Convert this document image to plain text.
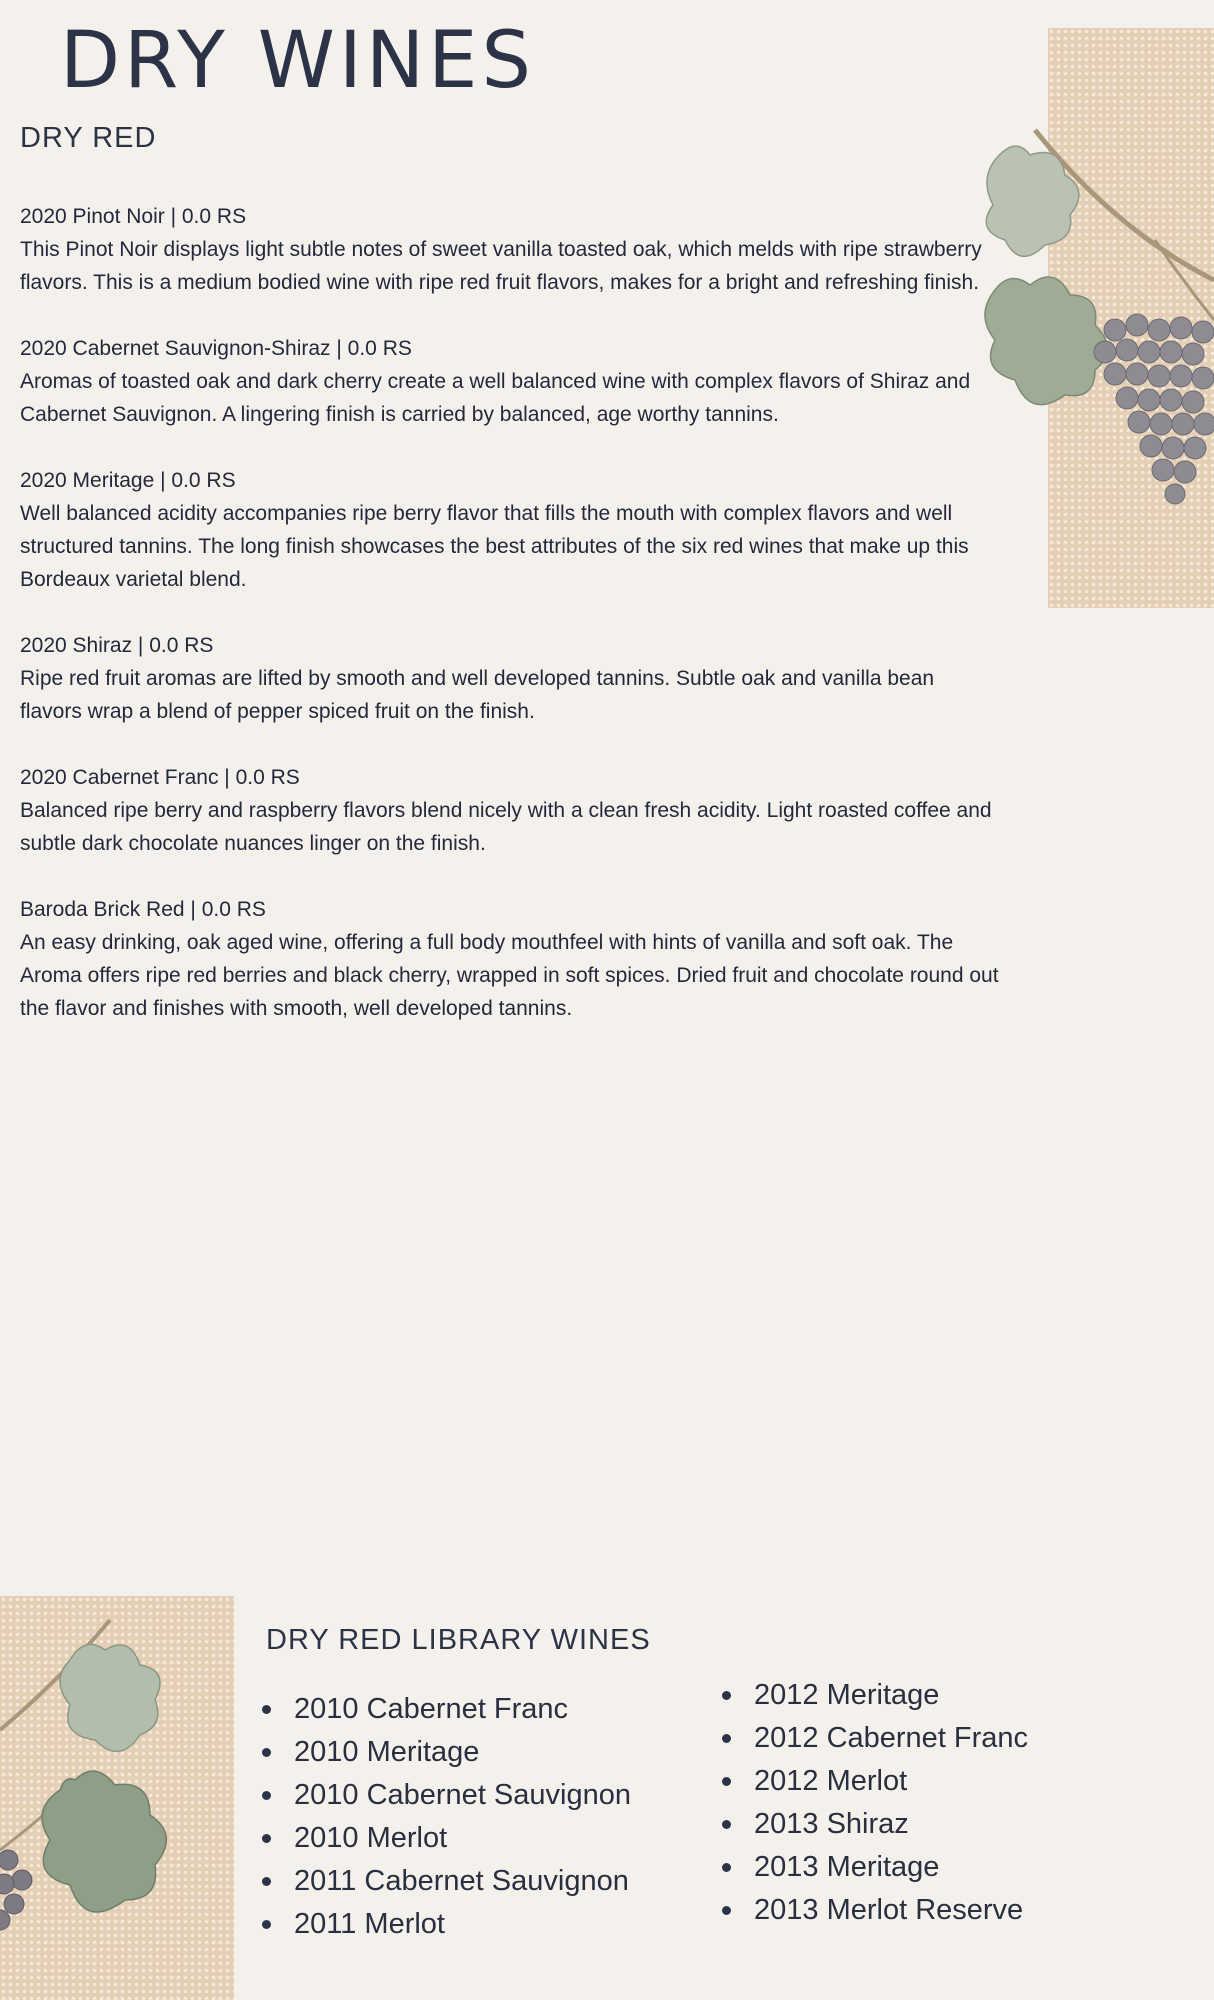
DRY WINES
DRY RED
2020 Pinot Noir | 0.0 RS
This Pinot Noir displays light subtle notes of sweet vanilla toasted oak, which melds with ripe strawberry flavors. This is a medium bodied wine with ripe red fruit flavors, makes for a bright and refreshing finish.
2020 Cabernet Sauvignon-Shiraz | 0.0 RS
Aromas of toasted oak and dark cherry create a well balanced wine with complex flavors of Shiraz and Cabernet Sauvignon. A lingering finish is carried by balanced, age worthy tannins.
2020 Meritage | 0.0 RS
Well balanced acidity accompanies ripe berry flavor that fills the mouth with complex flavors and well structured tannins. The long finish showcases the best attributes of the six red wines that make up this Bordeaux varietal blend.
2020 Shiraz | 0.0 RS
Ripe red fruit aromas are lifted by smooth and well developed tannins. Subtle oak and vanilla bean flavors wrap a blend of pepper spiced fruit on the finish.
2020 Cabernet Franc | 0.0 RS
Balanced ripe berry and raspberry flavors blend nicely with a clean fresh acidity. Light roasted coffee and subtle dark chocolate nuances linger on the finish.
Baroda Brick Red | 0.0 RS
An easy drinking, oak aged wine, offering a full body mouthfeel with hints of vanilla and soft oak. The Aroma offers ripe red berries and black cherry, wrapped in soft spices. Dried fruit and chocolate round out the flavor and finishes with smooth, well developed tannins.
DRY RED LIBRARY WINES
2010 Cabernet Franc
2010 Meritage
2010 Cabernet Sauvignon
2010 Merlot
2011 Cabernet Sauvignon
2011 Merlot
2012 Meritage
2012 Cabernet Franc
2012 Merlot
2013 Shiraz
2013 Meritage
2013 Merlot Reserve
